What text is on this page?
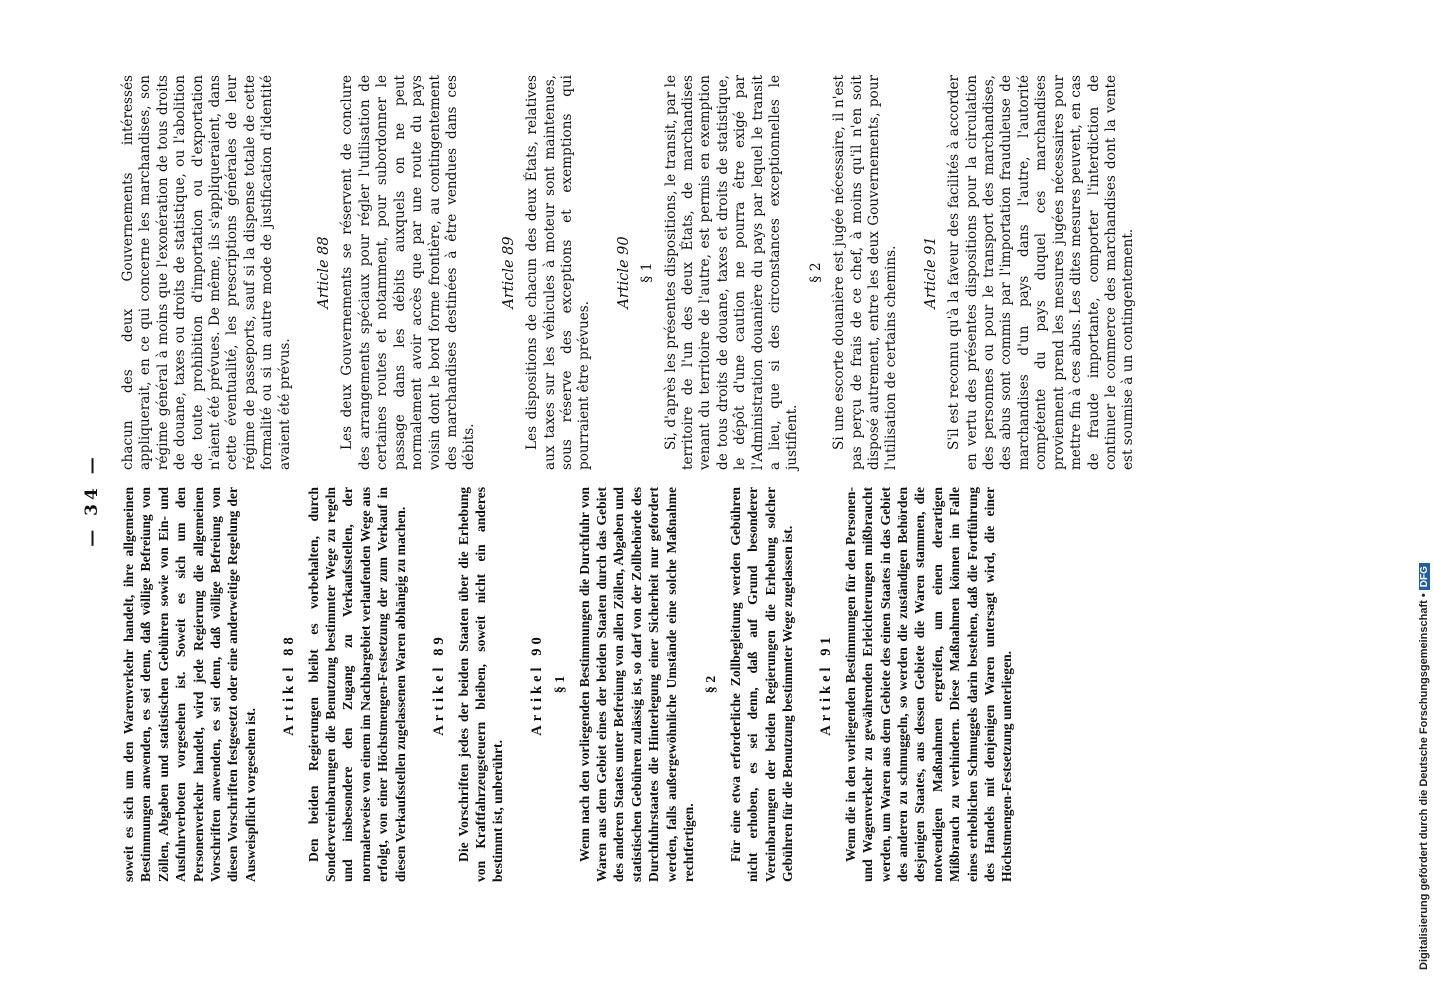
— 34 — soweit es sich um den Warenverkehr handelt, ihre allgemeinen Bestimmungen anwenden, es sei denn, daß völlige Befreiung von Zöllen, Abgaben und statistischen Gebühren sowie von Ein- und Ausfuhrverboten vorgesehen ist. Soweit es sich um den Personenverkehr handelt, wird jede Regierung die allgemeinen Vorschriften anwenden, es sei denn, daß völlige Befreiung von diesen Vorschriften festgesetzt oder eine anderweitige Regelung der Ausweispflicht vorgesehen ist.

Artikel 88 Den beiden Regierungen bleibt es vorbehalten, durch Sondervereinbarungen die Benutzung bestimmter Wege zu regeln und insbesondere den Zugang zu Verkaufsstellen, der normalerweise von einem im Nachbargebiet verlaufenden Wege aus erfolgt, von einer Höchstmengen-Festsetzung der zum Verkauf in diesen Verkaufsstellen zugelassenen Waren abhängig zu machen. Artikel 89 Die Vorschriften jedes der beiden Staaten über die Erhebung von Kraftfahrzeugsteuern bleiben, soweit nicht ein anderes bestimmt ist, unberührt.

Artikel 90 § 1 Wenn nach den vorliegenden Bestimmungen die Durchfuhr von Waren aus dem Gebiet eines der beiden Staaten durch das Gebiet des anderen Staates unter Befreiung von allen Zöllen, Abgaben und statistischen Gebühren zulässig ist, so darf von der Zollbehörde des Durchfuhrstaates die Hinterlegung einer Sicherheit nur gefordert werden, falls außergewöhnliche Umstände eine solche Maßnahme rechtfertigen.

§ 2 Für eine etwa erforderliche Zollbegleitung werden Gebühren nicht erhoben, es sei denn, daß auf Grund besonderer Vereinbarungen der beiden Regierungen die Erhebung solcher Gebühren für die Benutzung bestimmter Wege zugelassen ist. Artikel 91 Wenn die in den vorliegenden Bestimmungen für den Personen- und Wagenverkehr zu gewährenden Erleichterungen mißbraucht werden, um Waren aus dem Gebiete des einen Staates in das Gebiet des anderen zu schmuggeln, so werden die zuständigen Behörden desjenigen Staates, aus dessen Gebiete die Waren stammen, die notwendigen Maßnahmen ergreifen, um einen derartigen Mißbrauch zu verhindern. Diese Maßnahmen können im Falle eines erheblichen Schmuggels darin bestehen, daß die Fortführung des Handels mit denjenigen Waren untersagt wird, die einer Höchstmengen-Festsetzung unterliegen.

chacun des deux Gouvernements intéressés appliquerait, en ce qui concerne les marchandises, son régime général à moins que l'exonération de tous droits de douane, taxes ou droits de statistique, ou l'abolition de toute prohibition d'importation ou d'exportation n'aient été prévues. De même, ils s'appliqueraient, dans cette éventualité, les prescriptions générales de leur régime de passeports, sauf si la dispense totale de cette formalité ou si un autre mode de justification d'identité avaient été prévus.

Article 88 Les deux Gouvernements se réservent de conclure des arrangements spéciaux pour régler l'utilisation de certaines routes et notamment, pour subordonner le passage dans les débits auxquels on ne peut normalement avoir accès que par une route du pays voisin dont le bord forme frontière, au contingentement des marchandises destinées à être vendues dans ces débits.

Article 89 Les dispositions de chacun des deux États, relatives aux taxes sur les véhicules à moteur sont maintenues, sous réserve des exceptions et exemptions qui pourraient être prévues.

Article 90 § 1 Si, d'après les présentes dispositions, le transit, par le territoire de l'un des deux États, de marchandises venant du territoire de l'autre, est permis en exemption de tous droits de douane, taxes et droits de statistique, le dépôt d'une caution ne pourra être exigé par l'Administration douanière du pays par lequel le transit a lieu, que si des circonstances exceptionnelles le justifient.

§ 2 Si une escorte douanière est jugée nécessaire, il n'est pas perçu de frais de ce chef, à moins qu'il n'en soit disposé autrement, entre les deux Gouvernements, pour l'utilisation de certains chemins. Article 91 S'il est reconnu qu'à la faveur des facilités à accorder en vertu des présentes dispositions pour la circulation des personnes ou pour le transport des marchandises, des abus sont commis par l'importation frauduleuse de marchandises d'un pays dans l'autre, l'autorité compétente du pays duquel ces marchandises proviennent prend les mesures jugées nécessaires pour mettre fin à ces abus. Les dites mesures peuvent, en cas de fraude importante, comporter l'interdiction de continuer le commerce des marchandises dont la vente est soumise à un contingentement.

Digitalisierung gefördert durch die Deutsche Forschungsgemeinschaft • DFG
